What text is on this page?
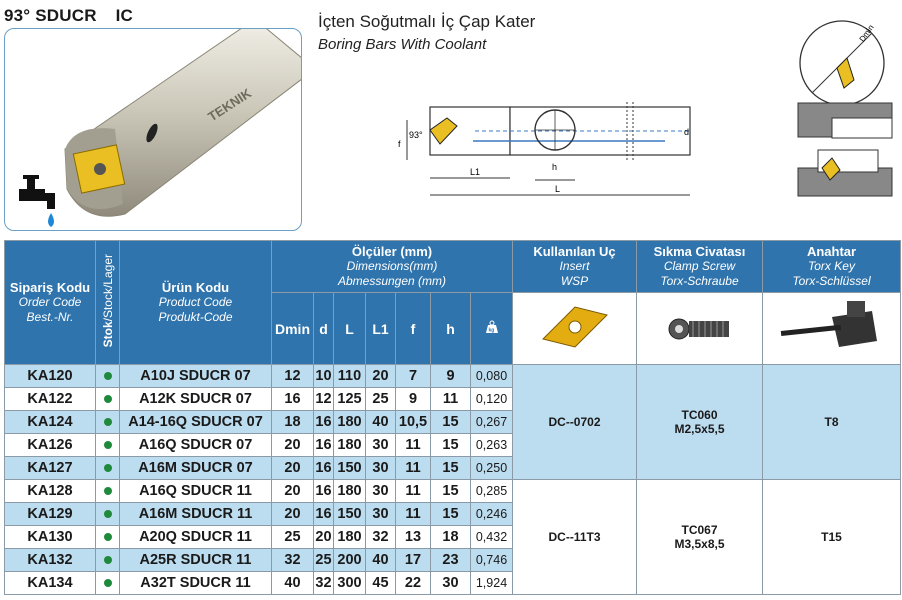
93° SDUCR IC
TEKNIK
İçten Soğutmalı İç Çap Kater
Boring Bars With Coolant
f
93°	d
L1	h
L
Dmin
Sipariş Kodu
Order Code
Best.-Nr.	Stok/Stock/Lager	Ürün Kodu
Product Code
Produkt-Code	Ölçüler (mm)
Dimensions(mm)
Abmessungen (mm)							Kullanılan Uç
Insert
WSP	Sıkma Civatası
Clamp Screw
Torx-Schraube	Anahtar
Torx Key
Torx-Schlüssel

			Dmin	d	L	L1	f	h	kg			

KA120		A10J SDUCR 07	12	10	110	20	7	9	0,080	DC--0702	TC060
M2,5x5,5	T8
KA122		A12K SDUCR 07	16	12	125	25	9	11	0,120			
KA124		A14-16Q SDUCR 07	18	16	180	40	10,5	15	0,267			
KA126		A16Q SDUCR 07	20	16	180	30	11	15	0,263			
KA127		A16M SDUCR 07	20	16	150	30	11	15	0,250			
KA128		A16Q SDUCR 11	20	16	180	30	11	15	0,285	DC--11T3	TC067
M3,5x8,5	T15
KA129		A16M SDUCR 11	20	16	150	30	11	15	0,246			
KA130		A20Q SDUCR 11	25	20	180	32	13	18	0,432			
KA132		A25R SDUCR 11	32	25	200	40	17	23	0,746			
KA134		A32T SDUCR 11	40	32	300	45	22	30	1,924			
